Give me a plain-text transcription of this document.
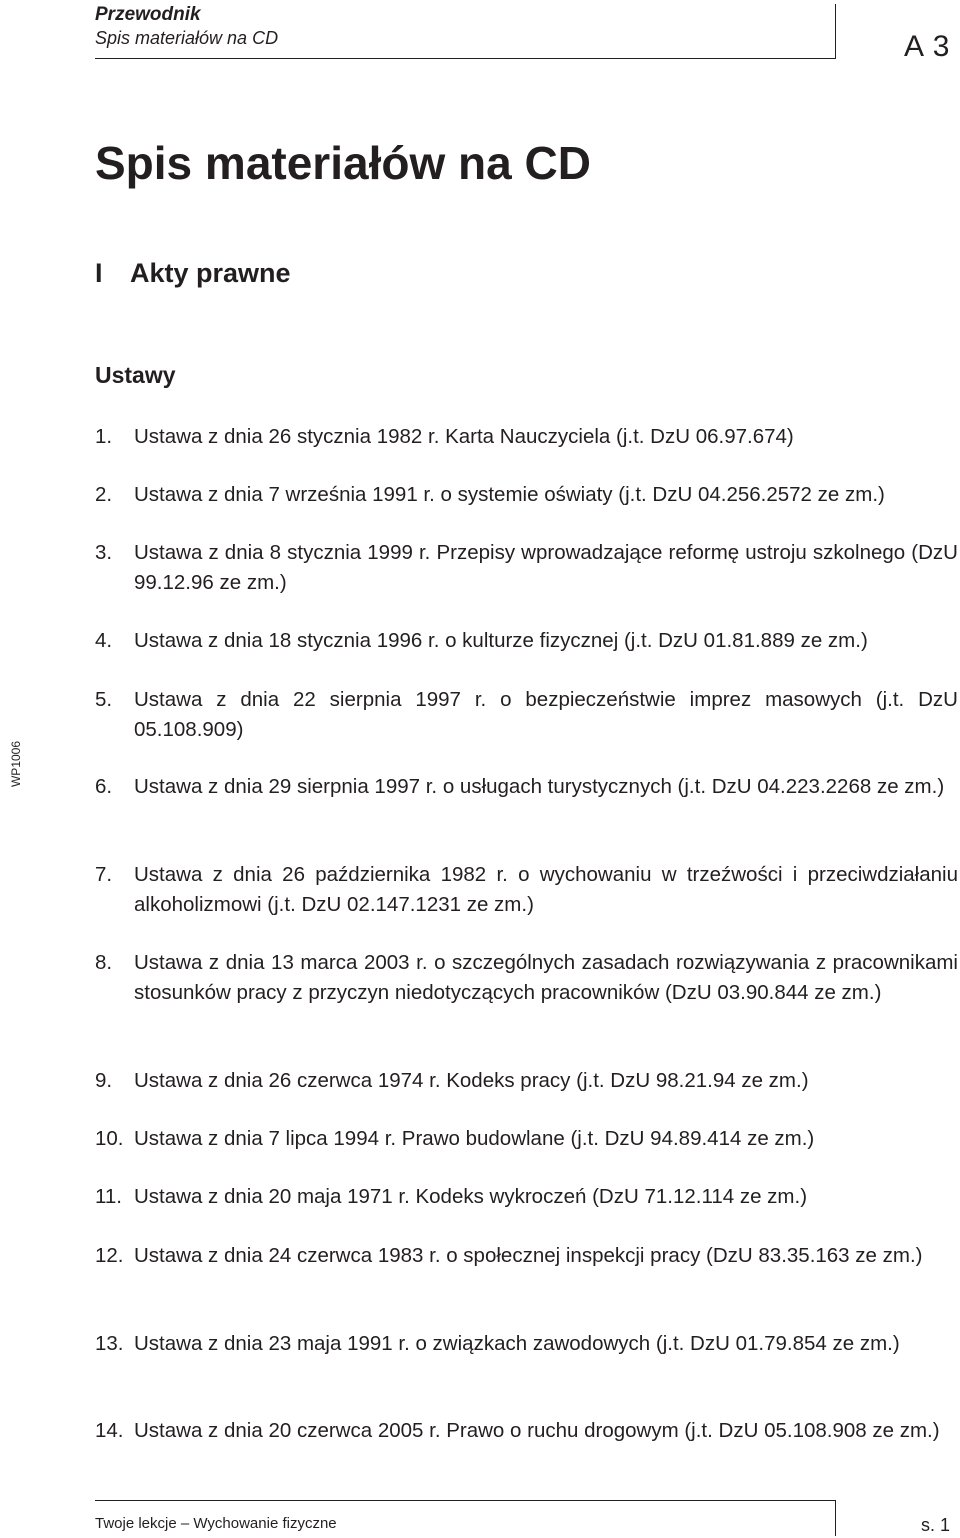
Przewodnik
Spis materiałów na CD	A 3
WP1006
Spis materiałów na CD
I Akty prawne
Ustawy
1. Ustawa z dnia 26 stycznia 1982 r. Karta Nauczyciela (j.t. DzU 06.97.674)
2. Ustawa z dnia 7 września 1991 r. o systemie oświaty (j.t. DzU 04.256.2572 ze zm.)
3. Ustawa z dnia 8 stycznia 1999 r. Przepisy wprowadzające reformę ustroju szkolnego (DzU 99.12.96 ze zm.)
4. Ustawa z dnia 18 stycznia 1996 r. o kulturze fizycznej (j.t. DzU 01.81.889 ze zm.)
5. Ustawa z dnia 22 sierpnia 1997 r. o bezpieczeństwie imprez masowych (j.t. DzU 05.108.909)
6. Ustawa z dnia 29 sierpnia 1997 r. o usługach turystycznych (j.t. DzU 04.223.2268 ze zm.)
7. Ustawa z dnia 26 października 1982 r. o wychowaniu w trzeźwości i przeciwdziałaniu alkoholizmowi (j.t. DzU 02.147.1231 ze zm.)
8. Ustawa z dnia 13 marca 2003 r. o szczególnych zasadach rozwiązywania z pracownikami stosunków pracy z przyczyn niedotyczących pracowników (DzU 03.90.844 ze zm.)
9. Ustawa z dnia 26 czerwca 1974 r. Kodeks pracy (j.t. DzU 98.21.94 ze zm.)
10. Ustawa z dnia 7 lipca 1994 r. Prawo budowlane (j.t. DzU 94.89.414 ze zm.)
11. Ustawa z dnia 20 maja 1971 r. Kodeks wykroczeń (DzU 71.12.114 ze zm.)
12. Ustawa z dnia 24 czerwca 1983 r. o społecznej inspekcji pracy (DzU 83.35.163 ze zm.)
13. Ustawa z dnia 23 maja 1991 r. o związkach zawodowych (j.t. DzU 01.79.854 ze zm.)
14. Ustawa z dnia 20 czerwca 2005 r. Prawo o ruchu drogowym (j.t. DzU 05.108.908 ze zm.)
Twoje lekcje – Wychowanie fizyczne	s. 1
